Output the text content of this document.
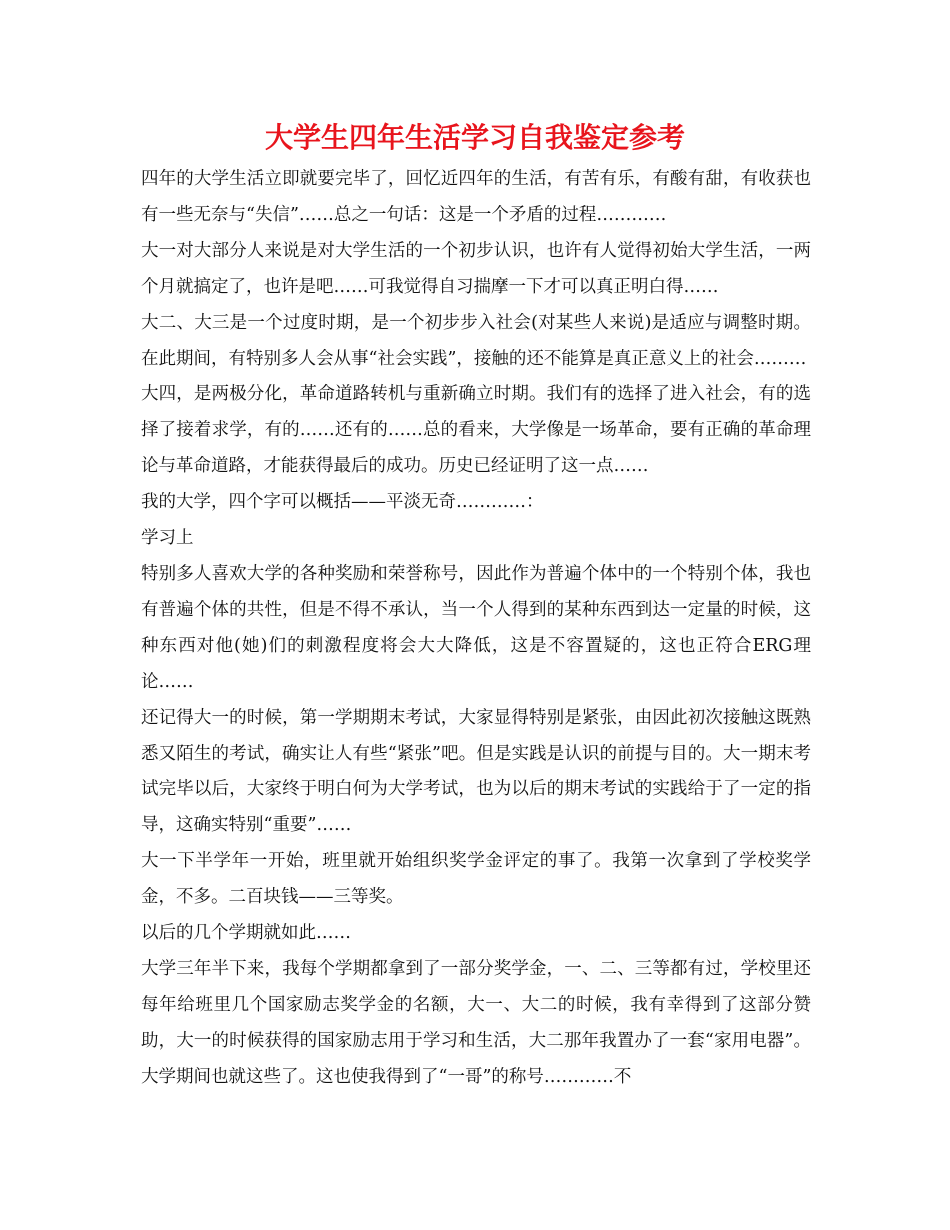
大学生四年生活学习自我鉴定参考

四年的大学生活立即就要完毕了，回忆近四年的生活，有苦有乐，有酸有甜，有收获也有一些无奈与“失信”……总之一句话：这是一个矛盾的过程…………

大一对大部分人来说是对大学生活的一个初步认识，也许有人觉得初始大学生活，一两个月就搞定了，也许是吧……可我觉得自习揣摩一下才可以真正明白得……

大二、大三是一个过度时期，是一个初步步入社会(对某些人来说)是适应与调整时期。在此期间，有特别多人会从事“社会实践”，接触的还不能算是真正意义上的社会………

大四，是两极分化，革命道路转机与重新确立时期。我们有的选择了进入社会，有的选择了接着求学，有的……还有的……总的看来，大学像是一场革命，要有正确的革命理论与革命道路，才能获得最后的成功。历史已经证明了这一点……

我的大学，四个字可以概括——平淡无奇…………：

学习上

特别多人喜欢大学的各种奖励和荣誉称号，因此作为普遍个体中的一个特别个体，我也有普遍个体的共性，但是不得不承认，当一个人得到的某种东西到达一定量的时候，这种东西对他(她)们的刺激程度将会大大降低，这是不容置疑的，这也正符合ERG理论……

还记得大一的时候，第一学期期末考试，大家显得特别是紧张，由因此初次接触这既熟悉又陌生的考试，确实让人有些“紧张”吧。但是实践是认识的前提与目的。大一期末考试完毕以后，大家终于明白何为大学考试，也为以后的期末考试的实践给于了一定的指导，这确实特别“重要”……

大一下半学年一开始，班里就开始组织奖学金评定的事了。我第一次拿到了学校奖学金，不多。二百块钱——三等奖。

以后的几个学期就如此……

大学三年半下来，我每个学期都拿到了一部分奖学金，一、二、三等都有过，学校里还每年给班里几个国家励志奖学金的名额，大一、大二的时候，我有幸得到了这部分赞助，大一的时候获得的国家励志用于学习和生活，大二那年我置办了一套“家用电器”。大学期间也就这些了。这也使我得到了“一哥”的称号…………不
